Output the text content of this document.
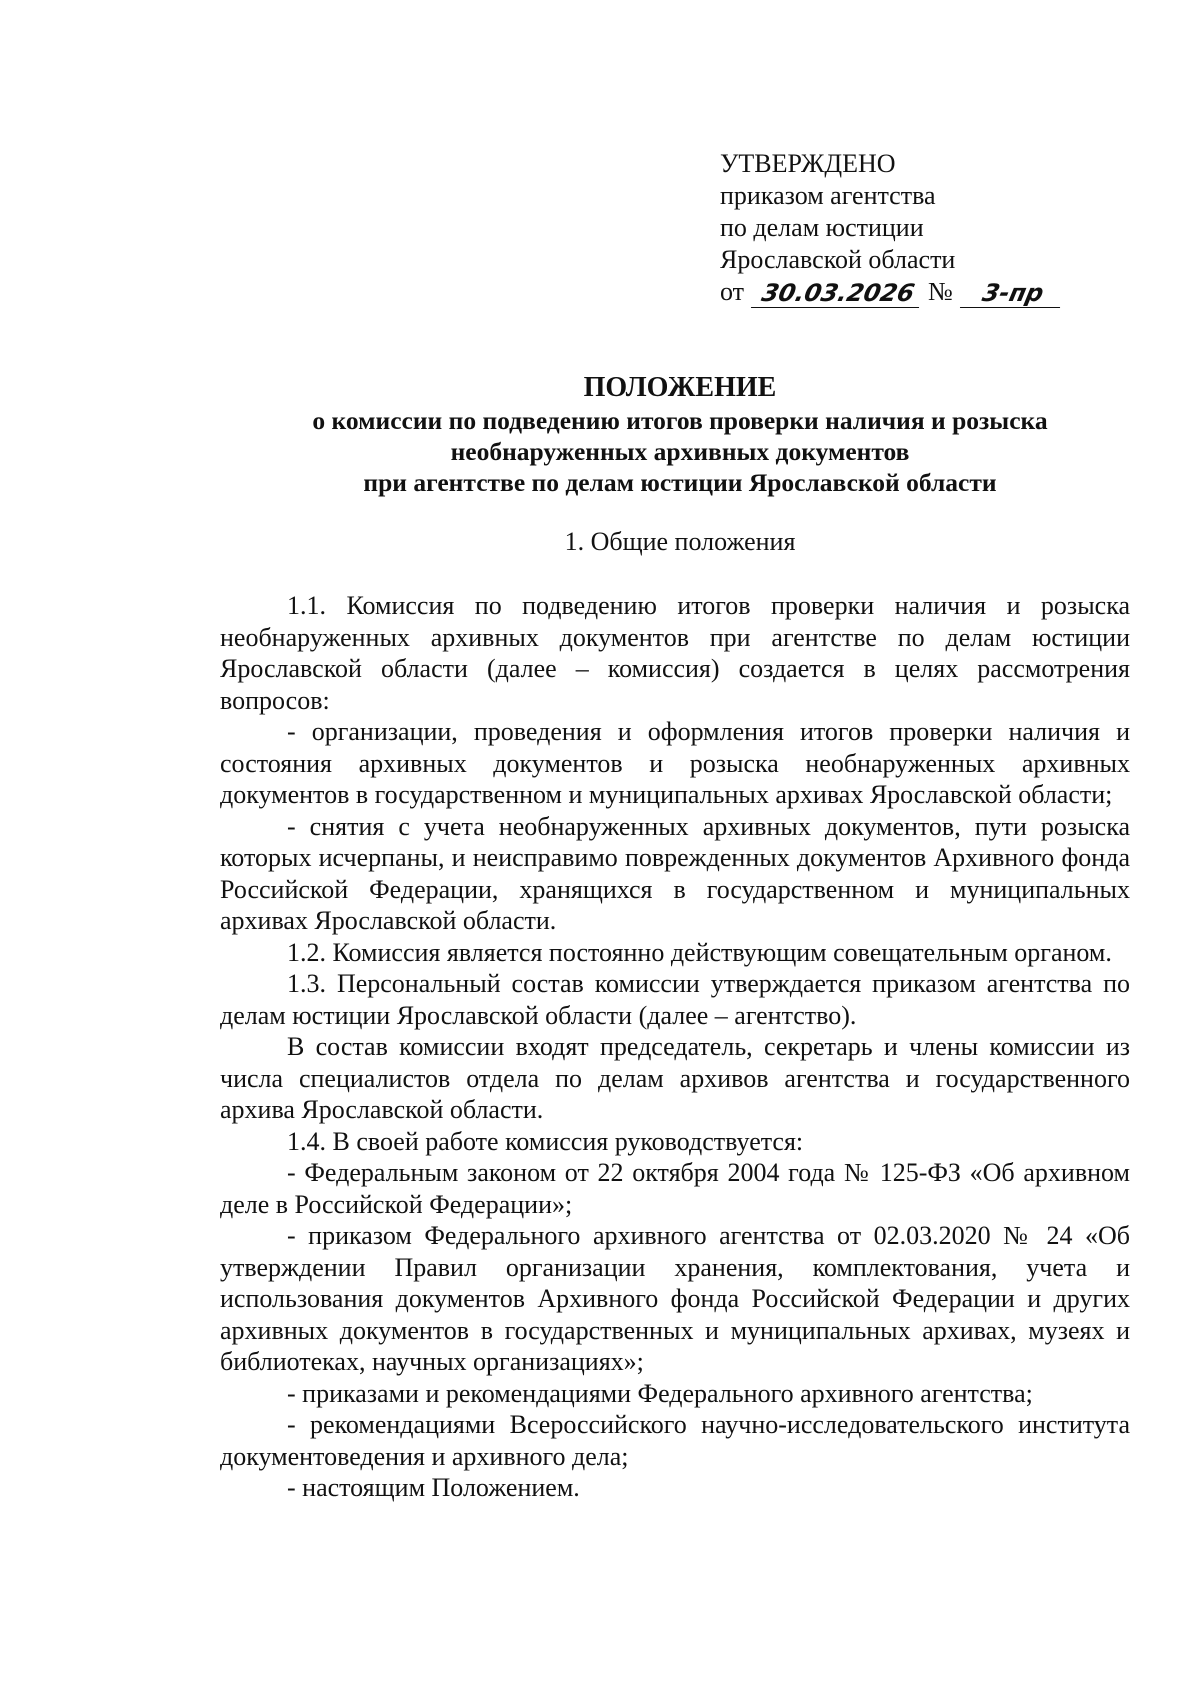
УТВЕРЖДЕНО
приказом агентства
по делам юстиции
Ярославской области
от 30.03.2026 №	3-пр
ПОЛОЖЕНИЕ
о комиссии по подведению итогов проверки наличия и розыска
необнаруженных архивных документов
при агентстве по делам юстиции Ярославской области
1. Общие положения

1.1. Комиссия по подведению итогов проверки наличия и розыска необнаруженных архивных документов при агентстве по делам юстиции Ярославской области (далее – комиссия) создается в целях рассмотрения вопросов:

- организации, проведения и оформления итогов проверки наличия и состояния архивных документов и розыска необнаруженных архивных документов в государственном и муниципальных архивах Ярославской области;

- снятия с учета необнаруженных архивных документов, пути розыска которых исчерпаны, и неисправимо поврежденных документов Архивного фонда Российской Федерации, хранящихся в государственном и муниципальных архивах Ярославской области.

1.2. Комиссия является постоянно действующим совещательным органом.

1.3. Персональный состав комиссии утверждается приказом агентства по делам юстиции Ярославской области (далее – агентство).

В состав комиссии входят председатель, секретарь и члены комиссии из числа специалистов отдела по делам архивов агентства и государственного архива Ярославской области.

1.4. В своей работе комиссия руководствуется:

- Федеральным законом от 22 октября 2004 года № 125-ФЗ «Об архивном деле в Российской Федерации»;

- приказом Федерального архивного агентства от 02.03.2020 № 24 «Об утверждении Правил организации хранения, комплектования, учета и использования документов Архивного фонда Российской Федерации и других архивных документов в государственных и муниципальных архивах, музеях и библиотеках, научных организациях»;

- приказами и рекомендациями Федерального архивного агентства;

- рекомендациями Всероссийского научно-исследовательского института документоведения и архивного дела;

- настоящим Положением.
